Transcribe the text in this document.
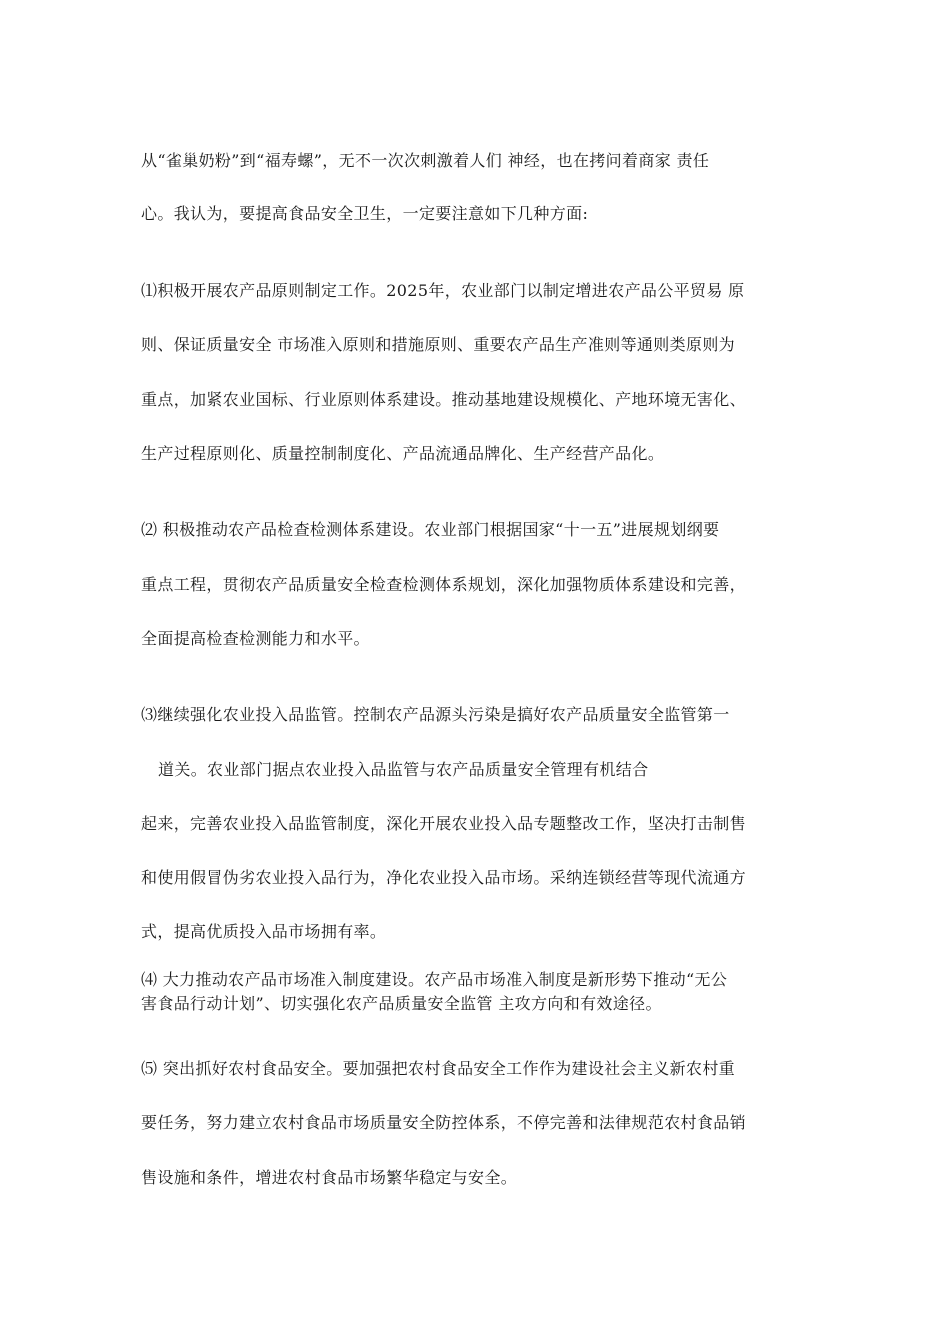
从“雀巢奶粉”到“福寿螺”，无不一次次刺激着人们 神经，也在拷问着商家 责任
心。我认为，要提高食品安全卫生，一定要注意如下几种方面:
⑴积极开展农产品原则制定工作。2025年，农业部门以制定增进农产品公平贸易 原
则、保证质量安全 市场准入原则和措施原则、重要农产品生产准则等通则类原则为
重点，加紧农业国标、行业原则体系建设。推动基地建设规模化、产地环境无害化、
生产过程原则化、质量控制制度化、产品流通品牌化、生产经营产品化。
⑵ 积极推动农产品检查检测体系建设。农业部门根据国家“十一五”进展规划纲要
重点工程，贯彻农产品质量安全检查检测体系规划，深化加强物质体系建设和完善，
全面提高检查检测能力和水平。
⑶继续强化农业投入品监管。控制农产品源头污染是搞好农产品质量安全监管第一
道关。农业部门据点农业投入品监管与农产品质量安全管理有机结合
起来，完善农业投入品监管制度，深化开展农业投入品专题整改工作，坚决打击制售
和使用假冒伪劣农业投入品行为，净化农业投入品市场。采纳连锁经营等现代流通方
式，提高优质投入品市场拥有率。
⑷ 大力推动农产品市场准入制度建设。农产品市场准入制度是新形势下推动“无公
害食品行动计划”、切实强化农产品质量安全监管 主攻方向和有效途径。
⑸ 突出抓好农村食品安全。要加强把农村食品安全工作作为建设社会主义新农村重
要任务，努力建立农村食品市场质量安全防控体系，不停完善和法律规范农村食品销
售设施和条件，增进农村食品市场繁华稳定与安全。
